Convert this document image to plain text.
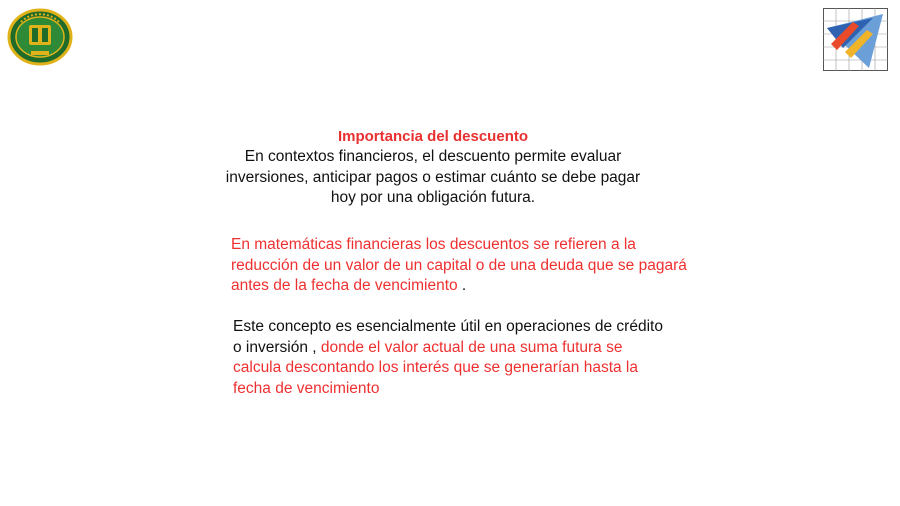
Importancia del descuento
En contextos financieros, el descuento permite evaluar inversiones, anticipar pagos o estimar cuánto se debe pagar hoy por una obligación futura.
En matemáticas financieras los descuentos se refieren a la reducción de un valor de un capital o de una deuda que se pagará antes de la fecha de vencimiento .
Este concepto es esencialmente útil en operaciones de crédito o inversión , donde el valor actual de una suma futura se calcula descontando los interés que se generarían hasta la fecha de vencimiento
